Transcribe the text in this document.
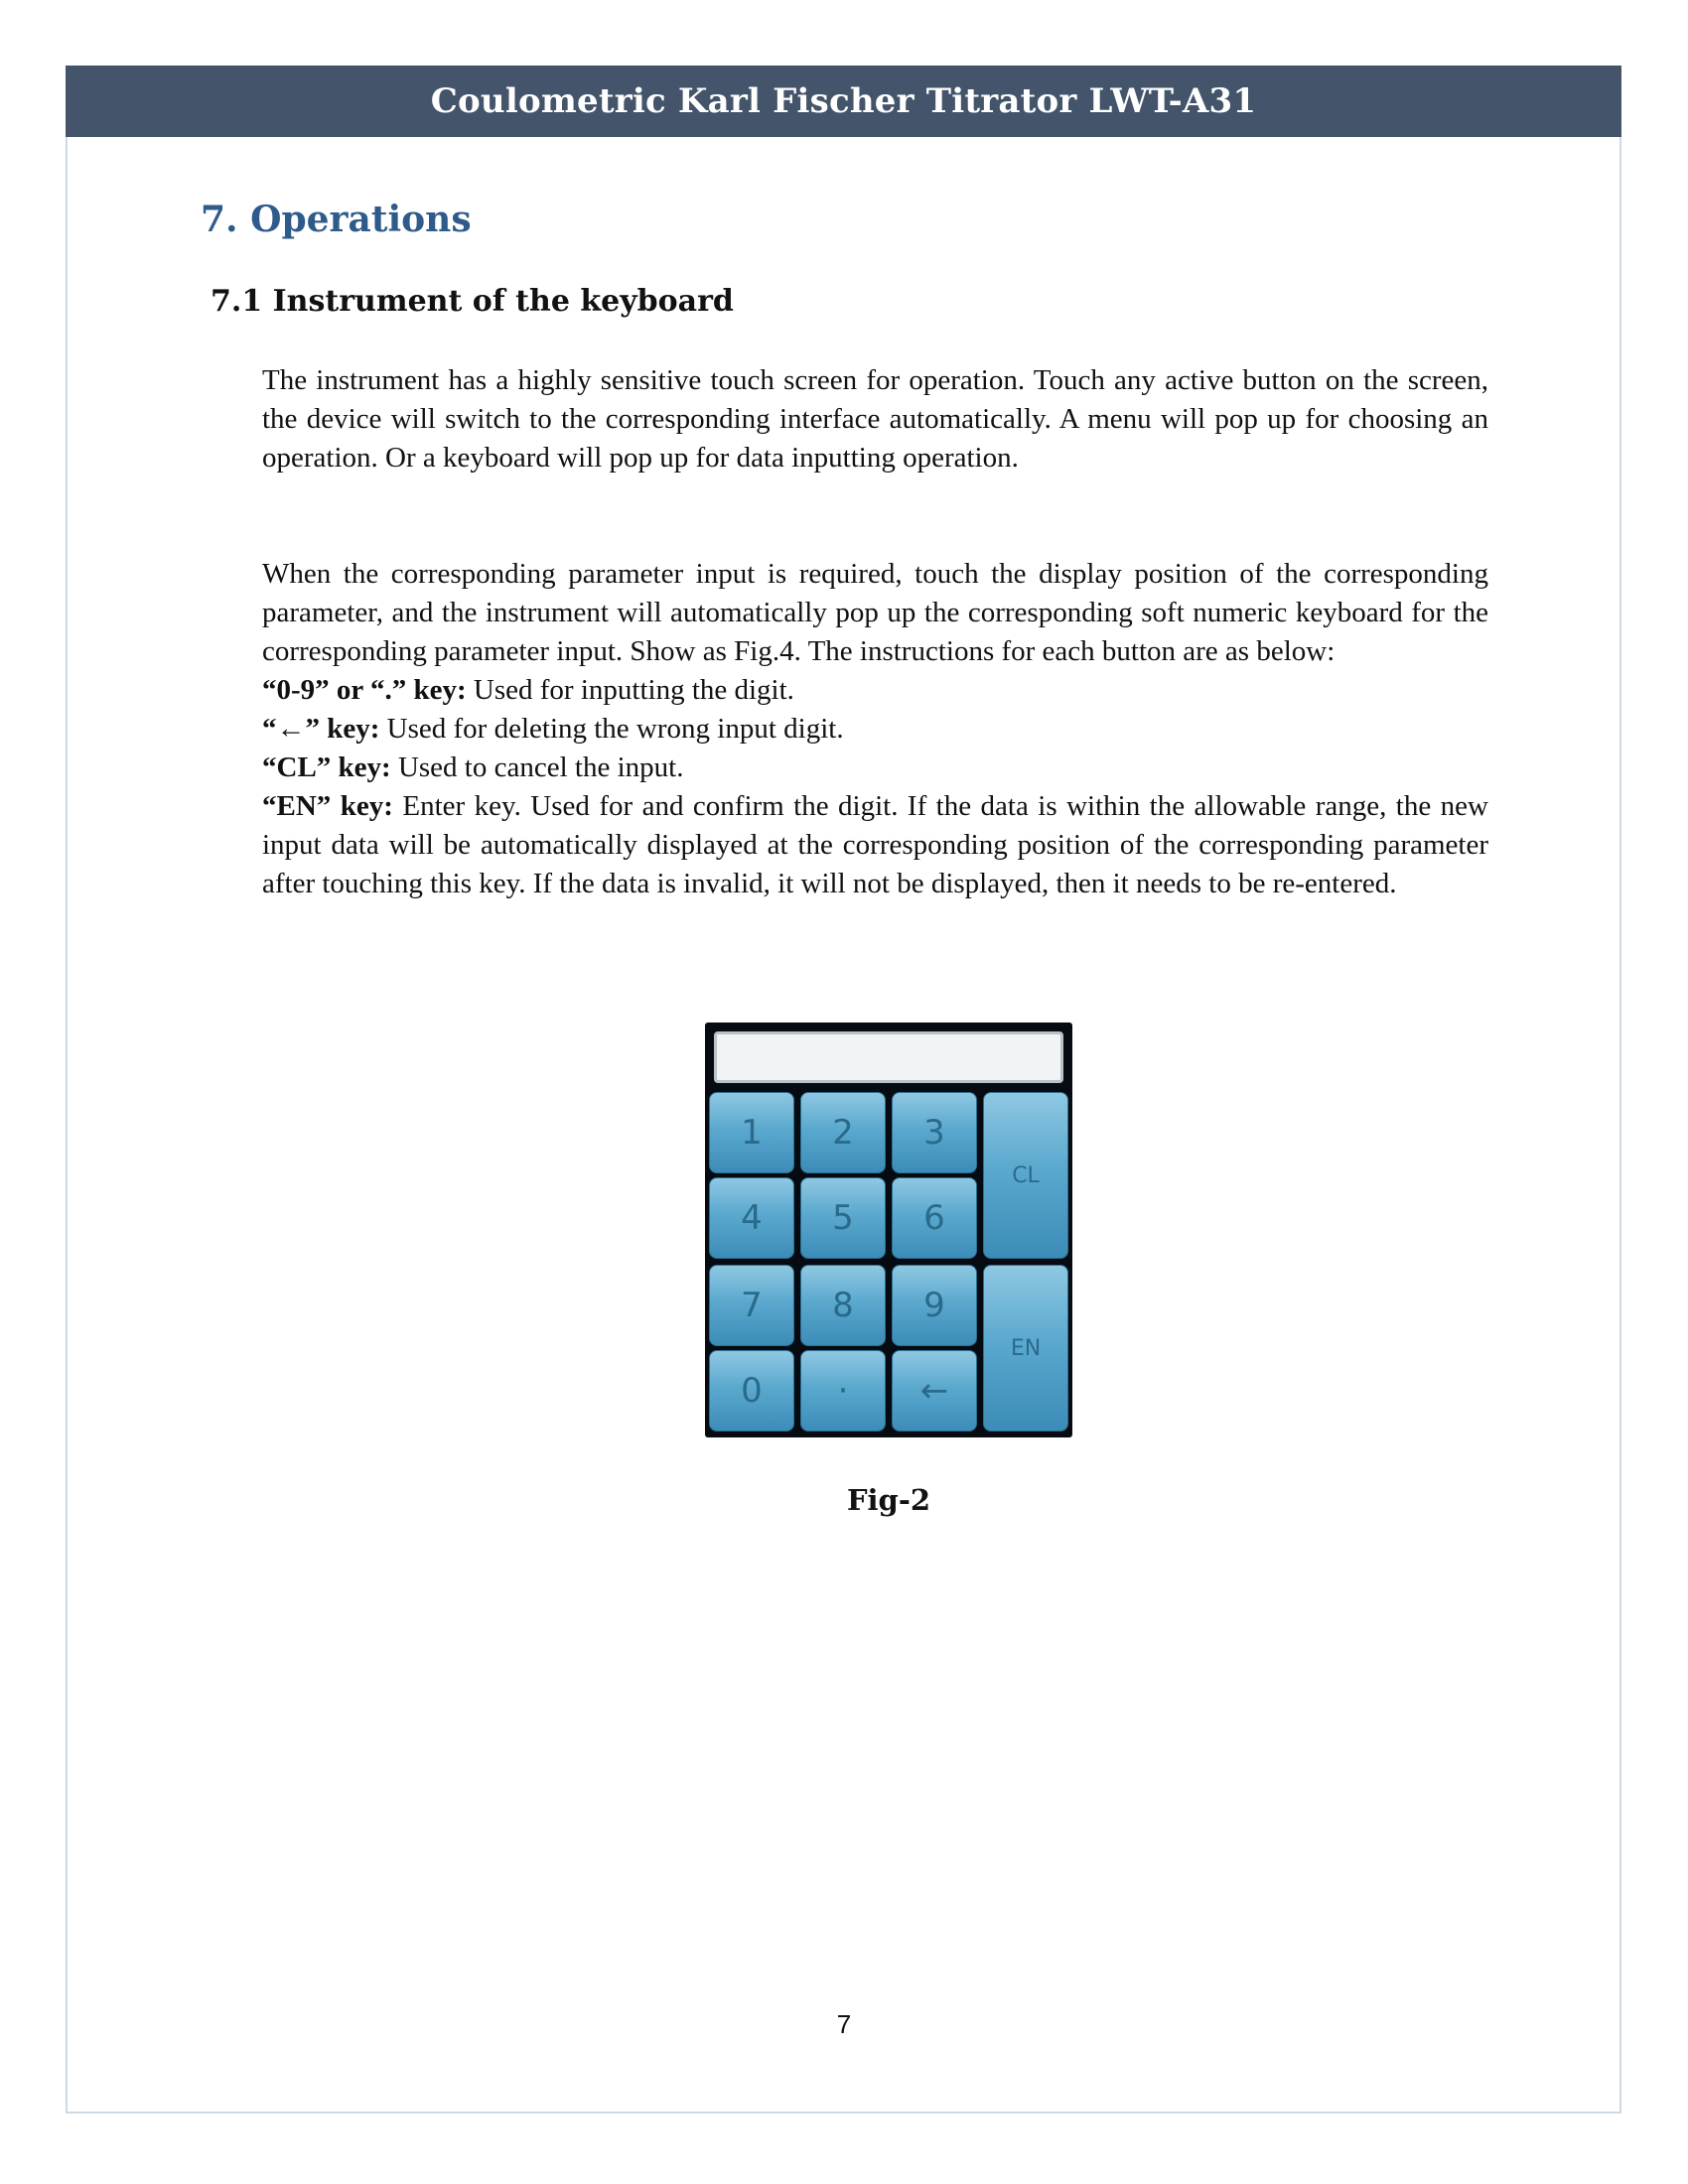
Coulometric Karl Fischer Titrator LWT-A31
7. Operations
7.1 Instrument of the keyboard

The instrument has a highly sensitive touch screen for operation. Touch any active button on the screen, the device will switch to the corresponding interface automatically. A menu will pop up for choosing an operation. Or a keyboard will pop up for data inputting operation.

When the corresponding parameter input is required, touch the display position of the corresponding parameter, and the instrument will automatically pop up the corresponding soft numeric keyboard for the corresponding parameter input. Show as Fig.4. The instructions for each button are as below:

“0-9” or “.” key: Used for inputting the digit.

“←” key: Used for deleting the wrong input digit.

“CL” key: Used to cancel the input.

“EN” key: Enter key. Used for and confirm the digit. If the data is within the allowable range, the new input data will be automatically displayed at the corresponding position of the corresponding parameter after touching this key. If the data is invalid, it will not be displayed, then it needs to be re-entered.

1	2	3
CL
4	5	6
7	8	9
EN
0	·	←
Fig-2
7
